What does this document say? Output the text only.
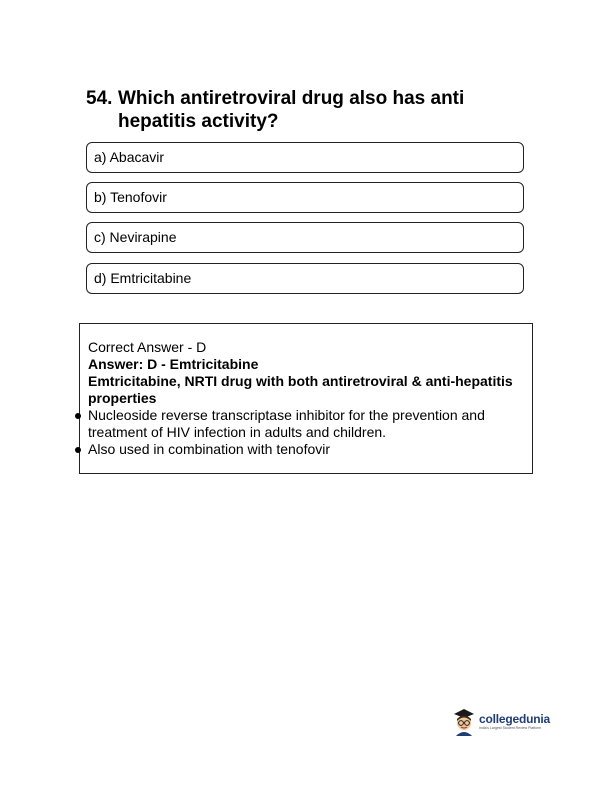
54. Which antiretroviral drug also has anti hepatitis activity?
a) Abacavir
b) Tenofovir
c) Nevirapine
d) Emtricitabine
Correct Answer - D
Answer: D - Emtricitabine
Emtricitabine, NRTI drug with both antiretroviral & anti-hepatitis properties
Nucleoside reverse transcriptase inhibitor for the prevention and treatment of HIV infection in adults and children.
Also used in combination with tenofovir
collegedunia
India's Largest Student Review Platform
